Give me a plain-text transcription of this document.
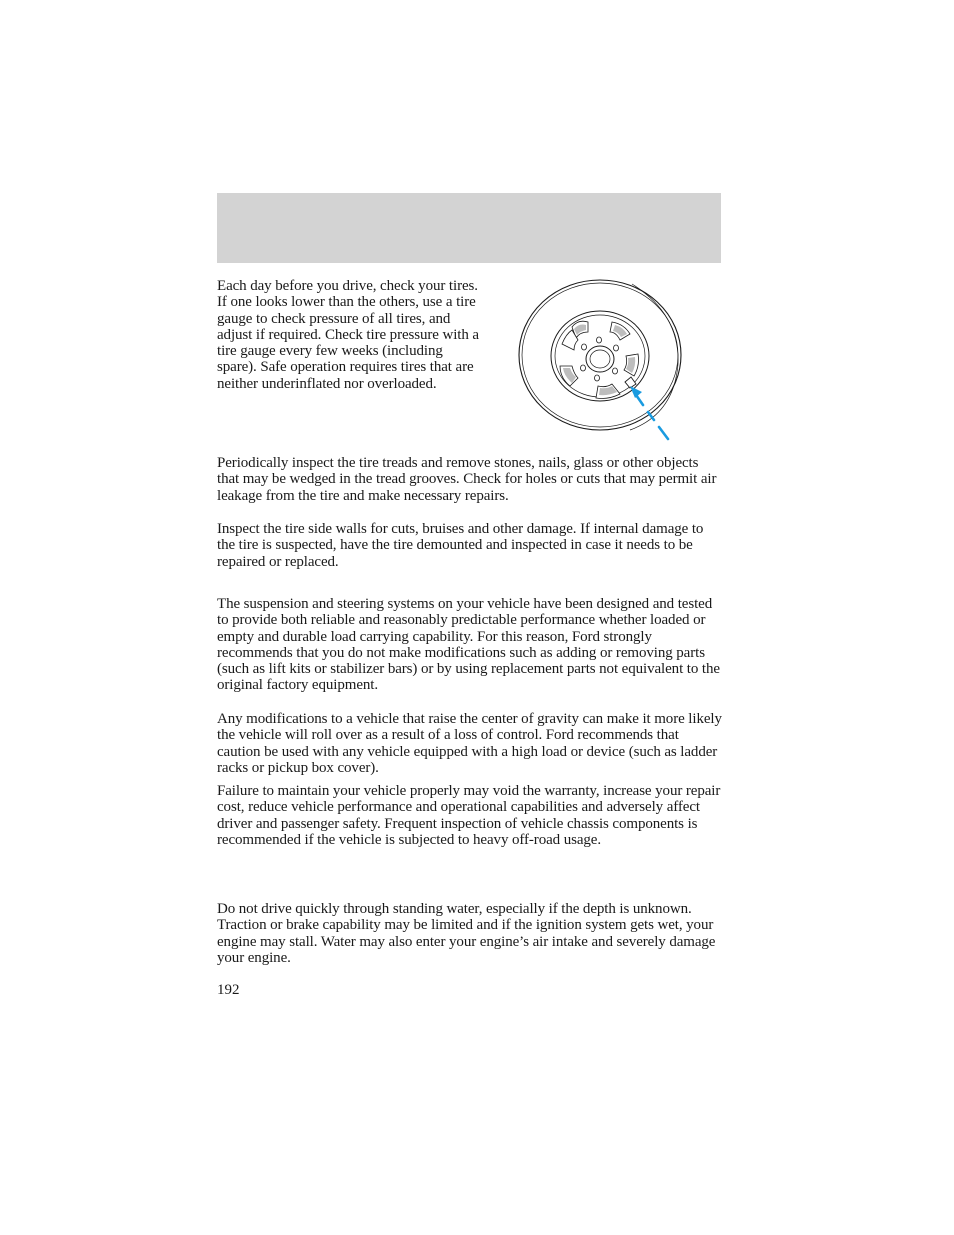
Each day before you drive, check your tires. If one looks lower than the others, use a tire gauge to check pressure of all tires, and adjust if required. Check tire pressure with a tire gauge every few weeks (including spare). Safe operation requires tires that are neither underinflated nor overloaded.

Periodically inspect the tire treads and remove stones, nails, glass or other objects that may be wedged in the tread grooves. Check for holes or cuts that may permit air leakage from the tire and make necessary repairs.

Inspect the tire side walls for cuts, bruises and other damage. If internal damage to the tire is suspected, have the tire demounted and inspected in case it needs to be repaired or replaced.

The suspension and steering systems on your vehicle have been designed and tested to provide both reliable and reasonably predictable performance whether loaded or empty and durable load carrying capability. For this reason, Ford strongly recommends that you do not make modifications such as adding or removing parts (such as lift kits or stabilizer bars) or by using replacement parts not equivalent to the original factory equipment.

Any modifications to a vehicle that raise the center of gravity can make it more likely the vehicle will roll over as a result of a loss of control. Ford recommends that caution be used with any vehicle equipped with a high load or device (such as ladder racks or pickup box cover).

Failure to maintain your vehicle properly may void the warranty, increase your repair cost, reduce vehicle performance and operational capabilities and adversely affect driver and passenger safety. Frequent inspection of vehicle chassis components is recommended if the vehicle is subjected to heavy off-road usage.

Do not drive quickly through standing water, especially if the depth is unknown. Traction or brake capability may be limited and if the ignition system gets wet, your engine may stall. Water may also enter your engine’s air intake and severely damage your engine.

192
